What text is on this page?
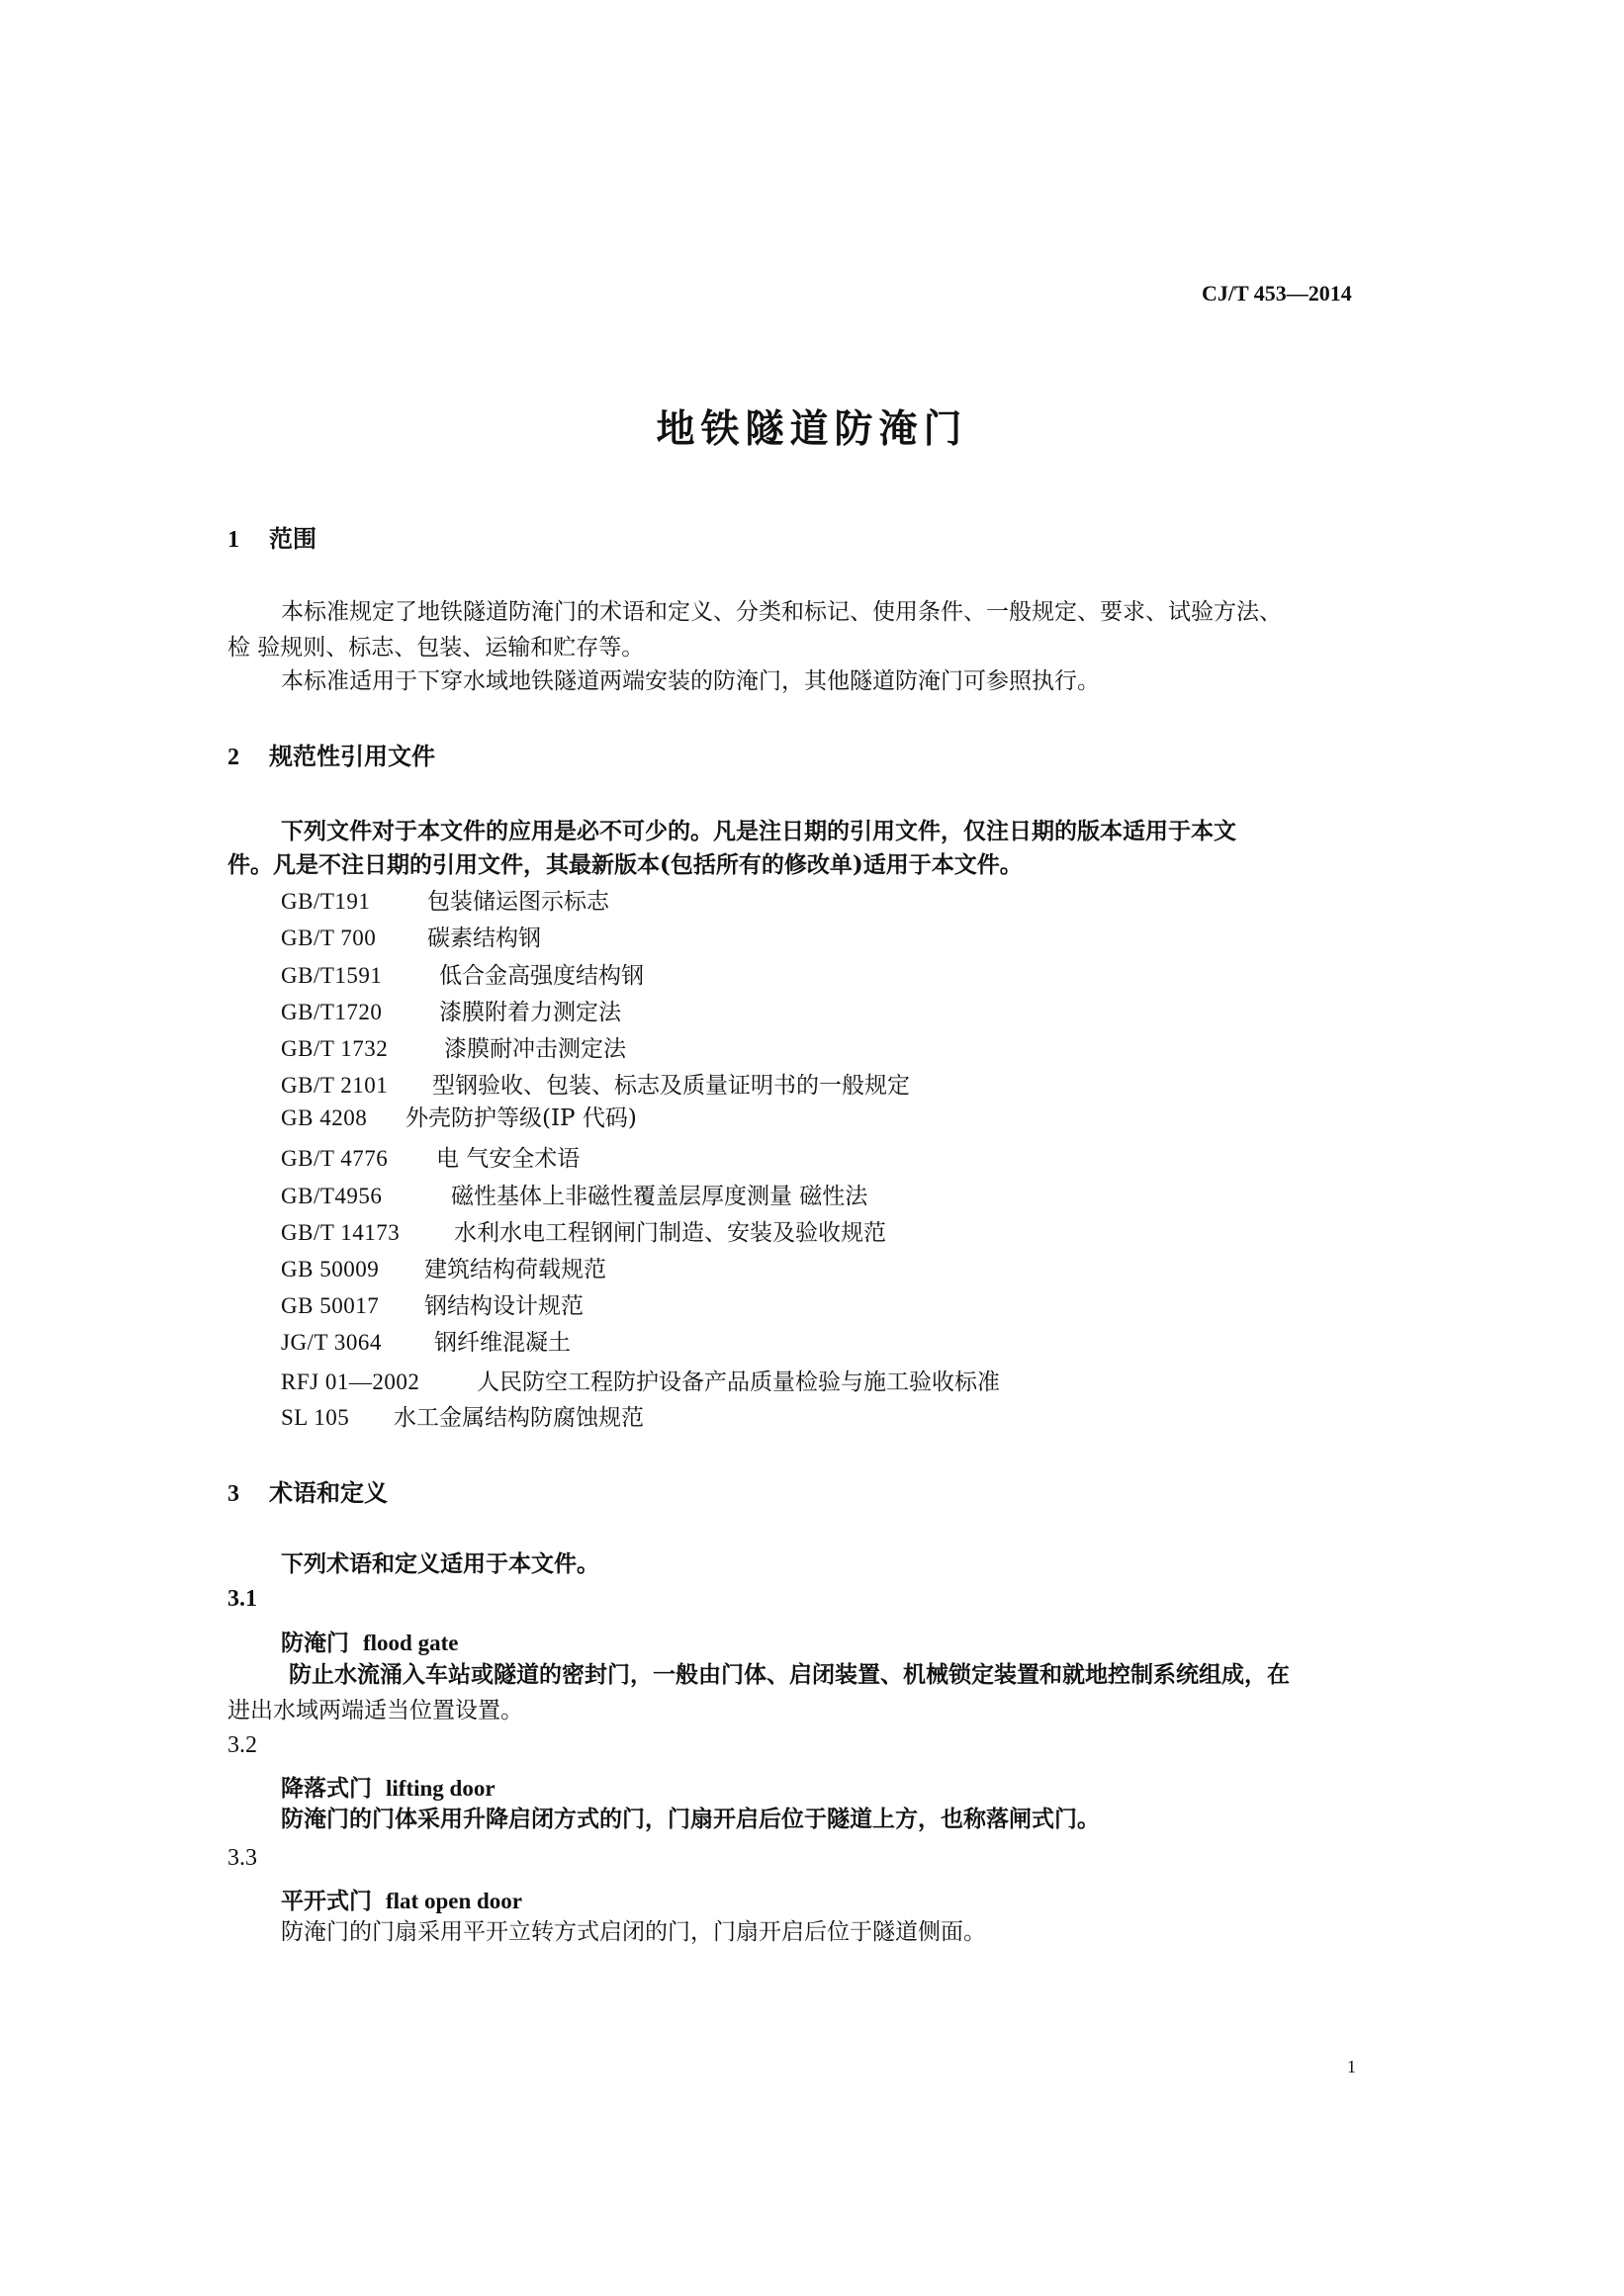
CJ/T 453—2014
地铁隧道防淹门
1 范围
本标准规定了地铁隧道防淹门的术语和定义、分类和标记、使用条件、一般规定、要求、试验方法、
检 验规则、标志、包装、运输和贮存等。
本标准适用于下穿水域地铁隧道两端安装的防淹门，其他隧道防淹门可参照执行。
2 规范性引用文件
下列文件对于本文件的应用是必不可少的。凡是注日期的引用文件，仅注日期的版本适用于本文
件。凡是不注日期的引用文件，其最新版本(包括所有的修改单)适用于本文件。
GB/T191	包装储运图示标志
GB/T 700 碳素结构钢
GB/T1591	低合金高强度结构钢
GB/T1720	漆膜附着力测定法
GB/T 1732 漆膜耐冲击测定法
GB/T 2101 型钢验收、包装、标志及质量证明书的一般规定
GB 4208 外壳防护等级(IP 代码)
GB/T 4776 电 气安全术语
GB/T4956	磁性基体上非磁性覆盖层厚度测量 磁性法
GB/T 14173 水利水电工程钢闸门制造、安装及验收规范
GB 50009 建筑结构荷载规范
GB 50017 钢结构设计规范
JG/T 3064 钢纤维混凝土
RFJ 01—2002	人民防空工程防护设备产品质量检验与施工验收标准
SL 105 水工金属结构防腐蚀规范
3 术语和定义
下列术语和定义适用于本文件。
3.1
防淹门 flood gate
防止水流涌入车站或隧道的密封门，一般由门体、启闭装置、机械锁定装置和就地控制系统组成，在
进出水域两端适当位置设置。
3.2
降落式门 lifting door
防淹门的门体采用升降启闭方式的门，门扇开启后位于隧道上方，也称落闸式门。
3.3
平开式门 flat open door
防淹门的门扇采用平开立转方式启闭的门，门扇开启后位于隧道侧面。
1
